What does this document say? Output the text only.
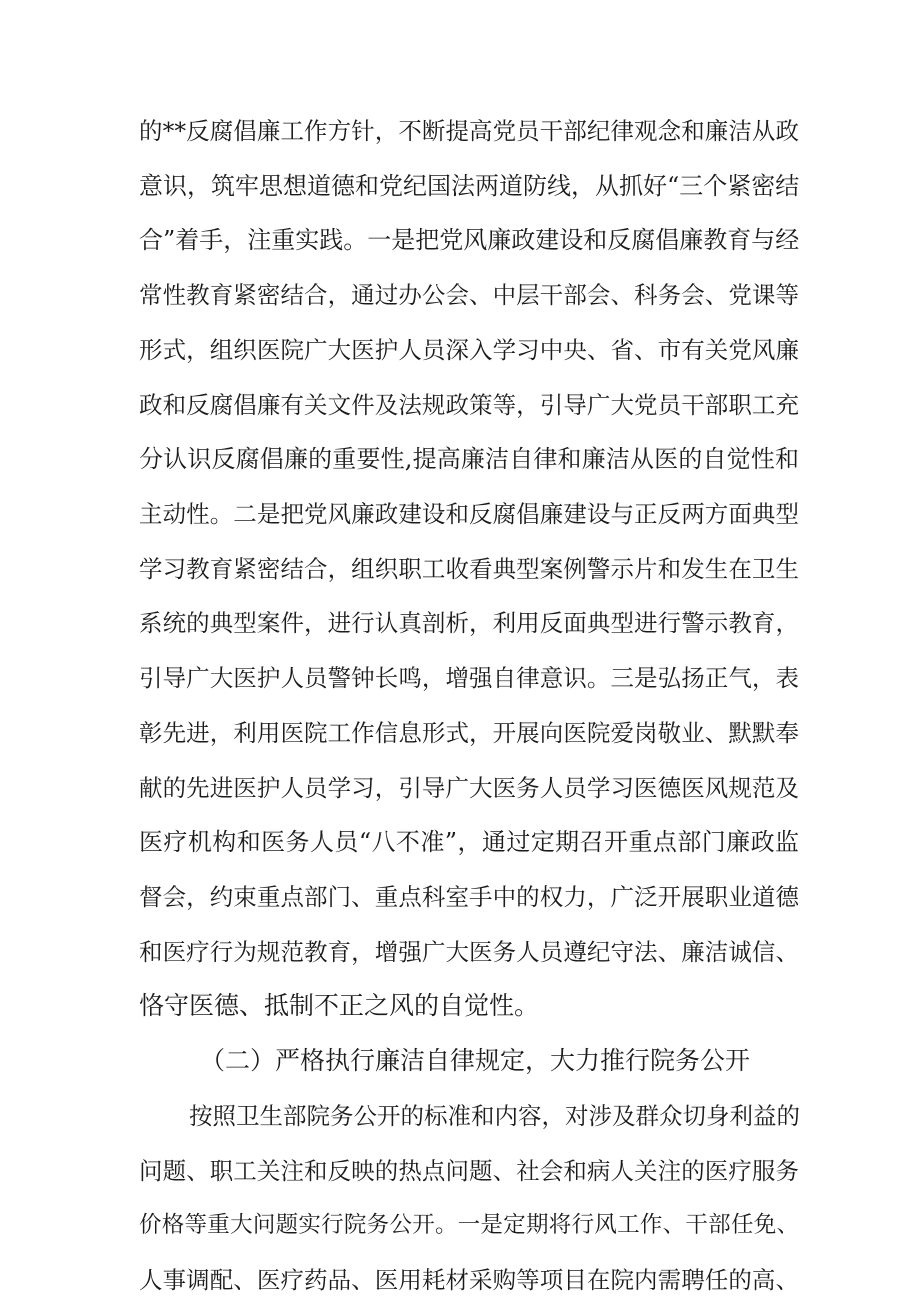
的**反腐倡廉工作方针，不断提高党员干部纪律观念和廉洁从政
意识，筑牢思想道德和党纪国法两道防线，从抓好“三个紧密结
合”着手，注重实践。一是把党风廉政建设和反腐倡廉教育与经
常性教育紧密结合，通过办公会、中层干部会、科务会、党课等
形式，组织医院广大医护人员深入学习中央、省、市有关党风廉
政和反腐倡廉有关文件及法规政策等，引导广大党员干部职工充
分认识反腐倡廉的重要性,提高廉洁自律和廉洁从医的自觉性和
主动性。二是把党风廉政建设和反腐倡廉建设与正反两方面典型
学习教育紧密结合，组织职工收看典型案例警示片和发生在卫生
系统的典型案件，进行认真剖析，利用反面典型进行警示教育，
引导广大医护人员警钟长鸣，增强自律意识。三是弘扬正气，表
彰先进，利用医院工作信息形式，开展向医院爱岗敬业、默默奉
献的先进医护人员学习，引导广大医务人员学习医德医风规范及
医疗机构和医务人员“八不准”，通过定期召开重点部门廉政监
督会，约束重点部门、重点科室手中的权力，广泛开展职业道德
和医疗行为规范教育，增强广大医务人员遵纪守法、廉洁诚信、
恪守医德、抵制不正之风的自觉性。
（二）严格执行廉洁自律规定，大力推行院务公开
按照卫生部院务公开的标准和内容，对涉及群众切身利益的
问题、职工关注和反映的热点问题、社会和病人关注的医疗服务
价格等重大问题实行院务公开。一是定期将行风工作、干部任免、
人事调配、医疗药品、医用耗材采购等项目在院内需聘任的高、
